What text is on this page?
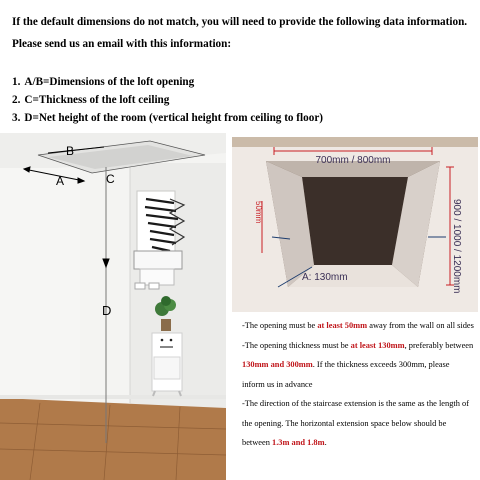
If the default dimensions do not match, you will need to provide the following data information.
Please send us an email with this information:
1. A/B=Dimensions of the loft opening
2. C=Thickness of the loft ceiling
3. D=Net height of the room (vertical height from ceiling to floor)
B
A	C
D
700mm / 800mm
900 / 1000 / 1200mm
50mm
A: 130mm
-The opening must be at least 50mm away from the wall on all sides
-The opening thickness must be at least 130mm, preferably between
130mm and 300mm. If the thickness exceeds 300mm, please
inform us in advance
-The direction of the staircase extension is the same as the length of
the opening. The horizontal extension space below should be
between 1.3m and 1.8m.
